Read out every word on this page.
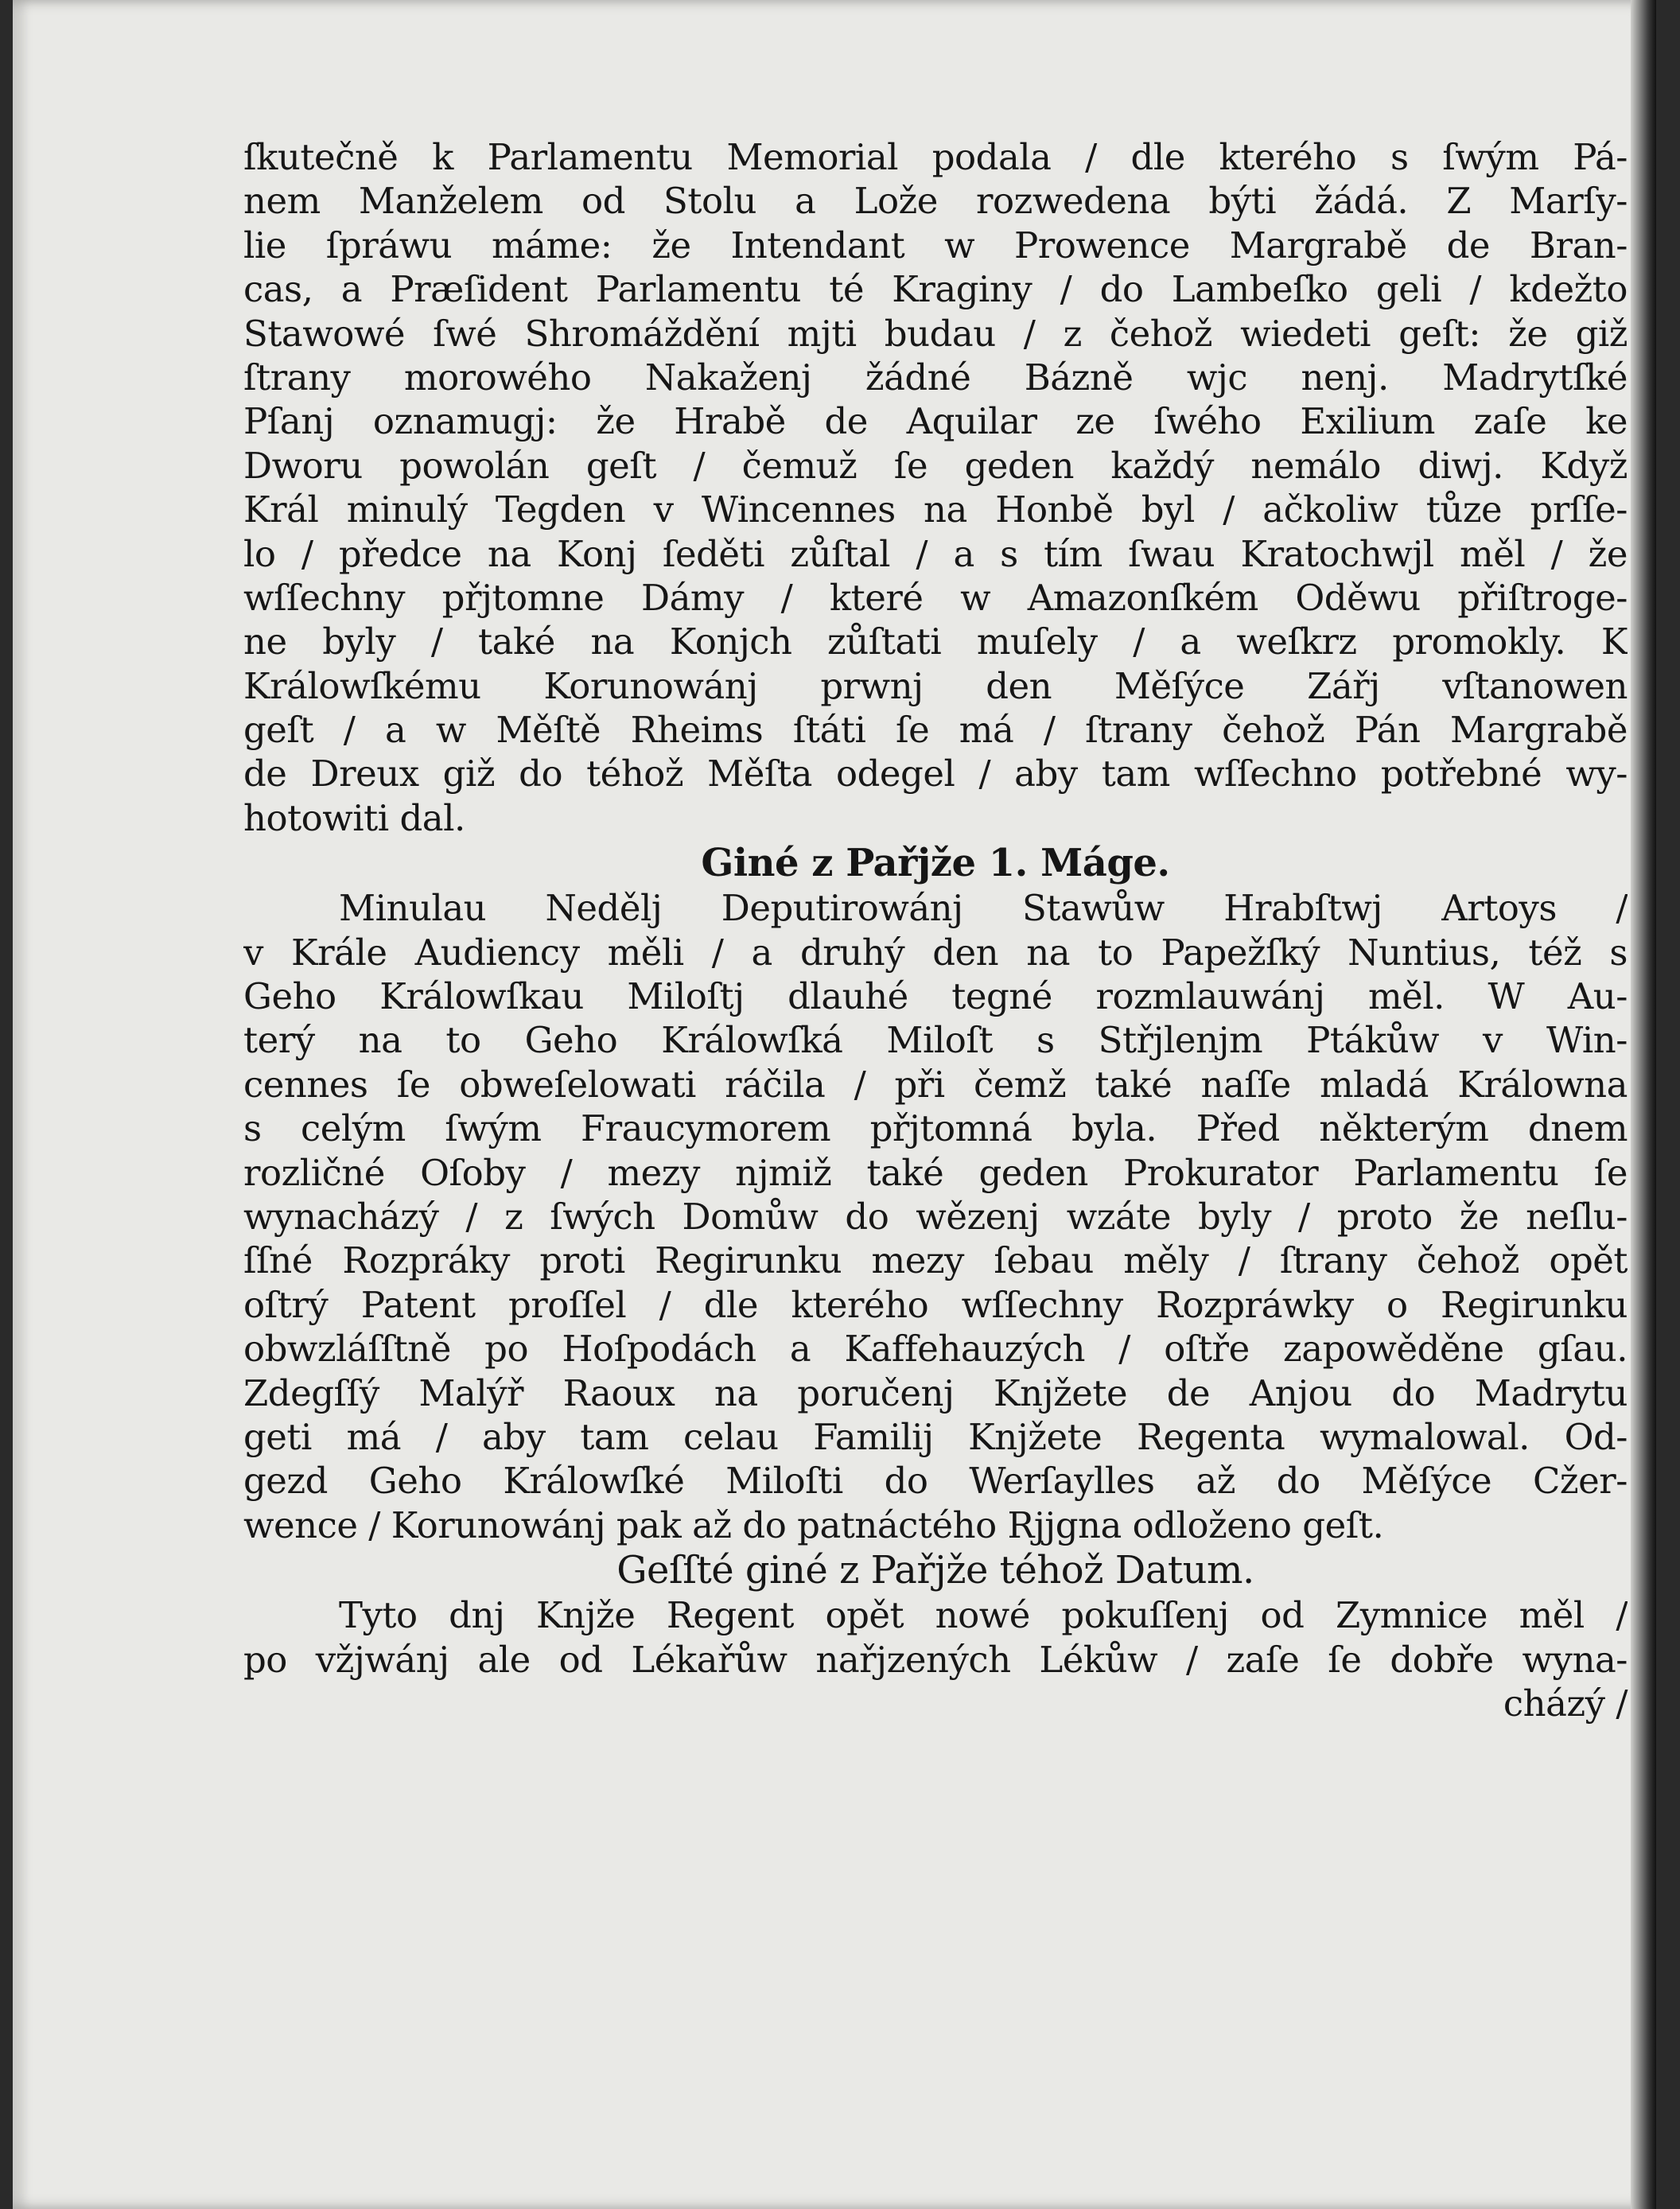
ſkutečně k Parlamentu Memorial podala / dle kterého s ſwým Pá-
nem Manželem od Stolu a Lože rozwedena býti žádá. Z Marſy-
lie ſpráwu máme: že Intendant w Prowence Margrabě de Bran-
cas, a Præſident Parlamentu té Kraginy / do Lambeſko geli / kdežto
Stawowé ſwé Shromáždění mjti budau / z čehož wiedeti geſt: že giž
ſtrany morowého Nakaženj žádné Bázně wjc nenj. Madrytſké
Pſanj oznamugj: že Hrabě de Aquilar ze ſwého Exilium zaſe ke
Dworu powolán geſt / čemuž ſe geden každý nemálo diwj. Když
Král minulý Tegden v Wincennes na Honbě byl / ačkoliw tůze prſſe-
lo / předce na Konj ſeděti zůſtal / a s tím ſwau Kratochwjl měl / že
wſſechny přjtomne Dámy / které w Amazonſkém Oděwu přiſtroge-
ne byly / také na Konjch zůſtati muſely / a weſkrz promokly. K
Králowſkému Korunowánj prwnj den Měſýce Zářj vſtanowen
geſt / a w Měſtě Rheims ſtáti ſe má / ſtrany čehož Pán Margrabě
de Dreux giž do téhož Měſta odegel / aby tam wſſechno potřebné wy-
hotowiti dal.
Giné z Pařjže 1. Máge.
Minulau Nedělj Deputirowánj Stawůw Hrabſtwj Artoys /
v Krále Audiency měli / a druhý den na to Papežſký Nuntius, též s
Geho Králowſkau Miloſtj dlauhé tegné rozmlauwánj měl. W Au-
terý na to Geho Králowſká Miloſt s Střjlenjm Ptákůw v Win-
cennes ſe obweſelowati ráčila / při čemž také naſſe mladá Králowna
s celým ſwým Fraucymorem přjtomná byla. Před některým dnem
rozličné Oſoby / mezy njmiž také geden Prokurator Parlamentu ſe
wynacházý / z ſwých Domůw do wězenj wzáte byly / proto že neſlu-
ſſné Rozpráky proti Regirunku mezy ſebau měly / ſtrany čehož opět
oſtrý Patent proſſel / dle kterého wſſechny Rozpráwky o Regirunku
obwzláſſtně po Hoſpodách a Kaffehauzých / oſtře zapowěděne gſau.
Zdegſſý Malýř Raoux na poručenj Knjžete de Anjou do Madrytu
geti má / aby tam celau Familij Knjžete Regenta wymalowal. Od-
gezd Geho Králowſké Miloſti do Werſaylles až do Měſýce Cžer-
wence / Korunowánj pak až do patnáctého Rjjgna odloženo geſt.
Geſſté giné z Pařjže téhož Datum.
Tyto dnj Knjže Regent opět nowé pokuſſenj od Zymnice měl /
po vžjwánj ale od Lékařůw nařjzených Lékůw / zaſe ſe dobře wyna-
cházý /
